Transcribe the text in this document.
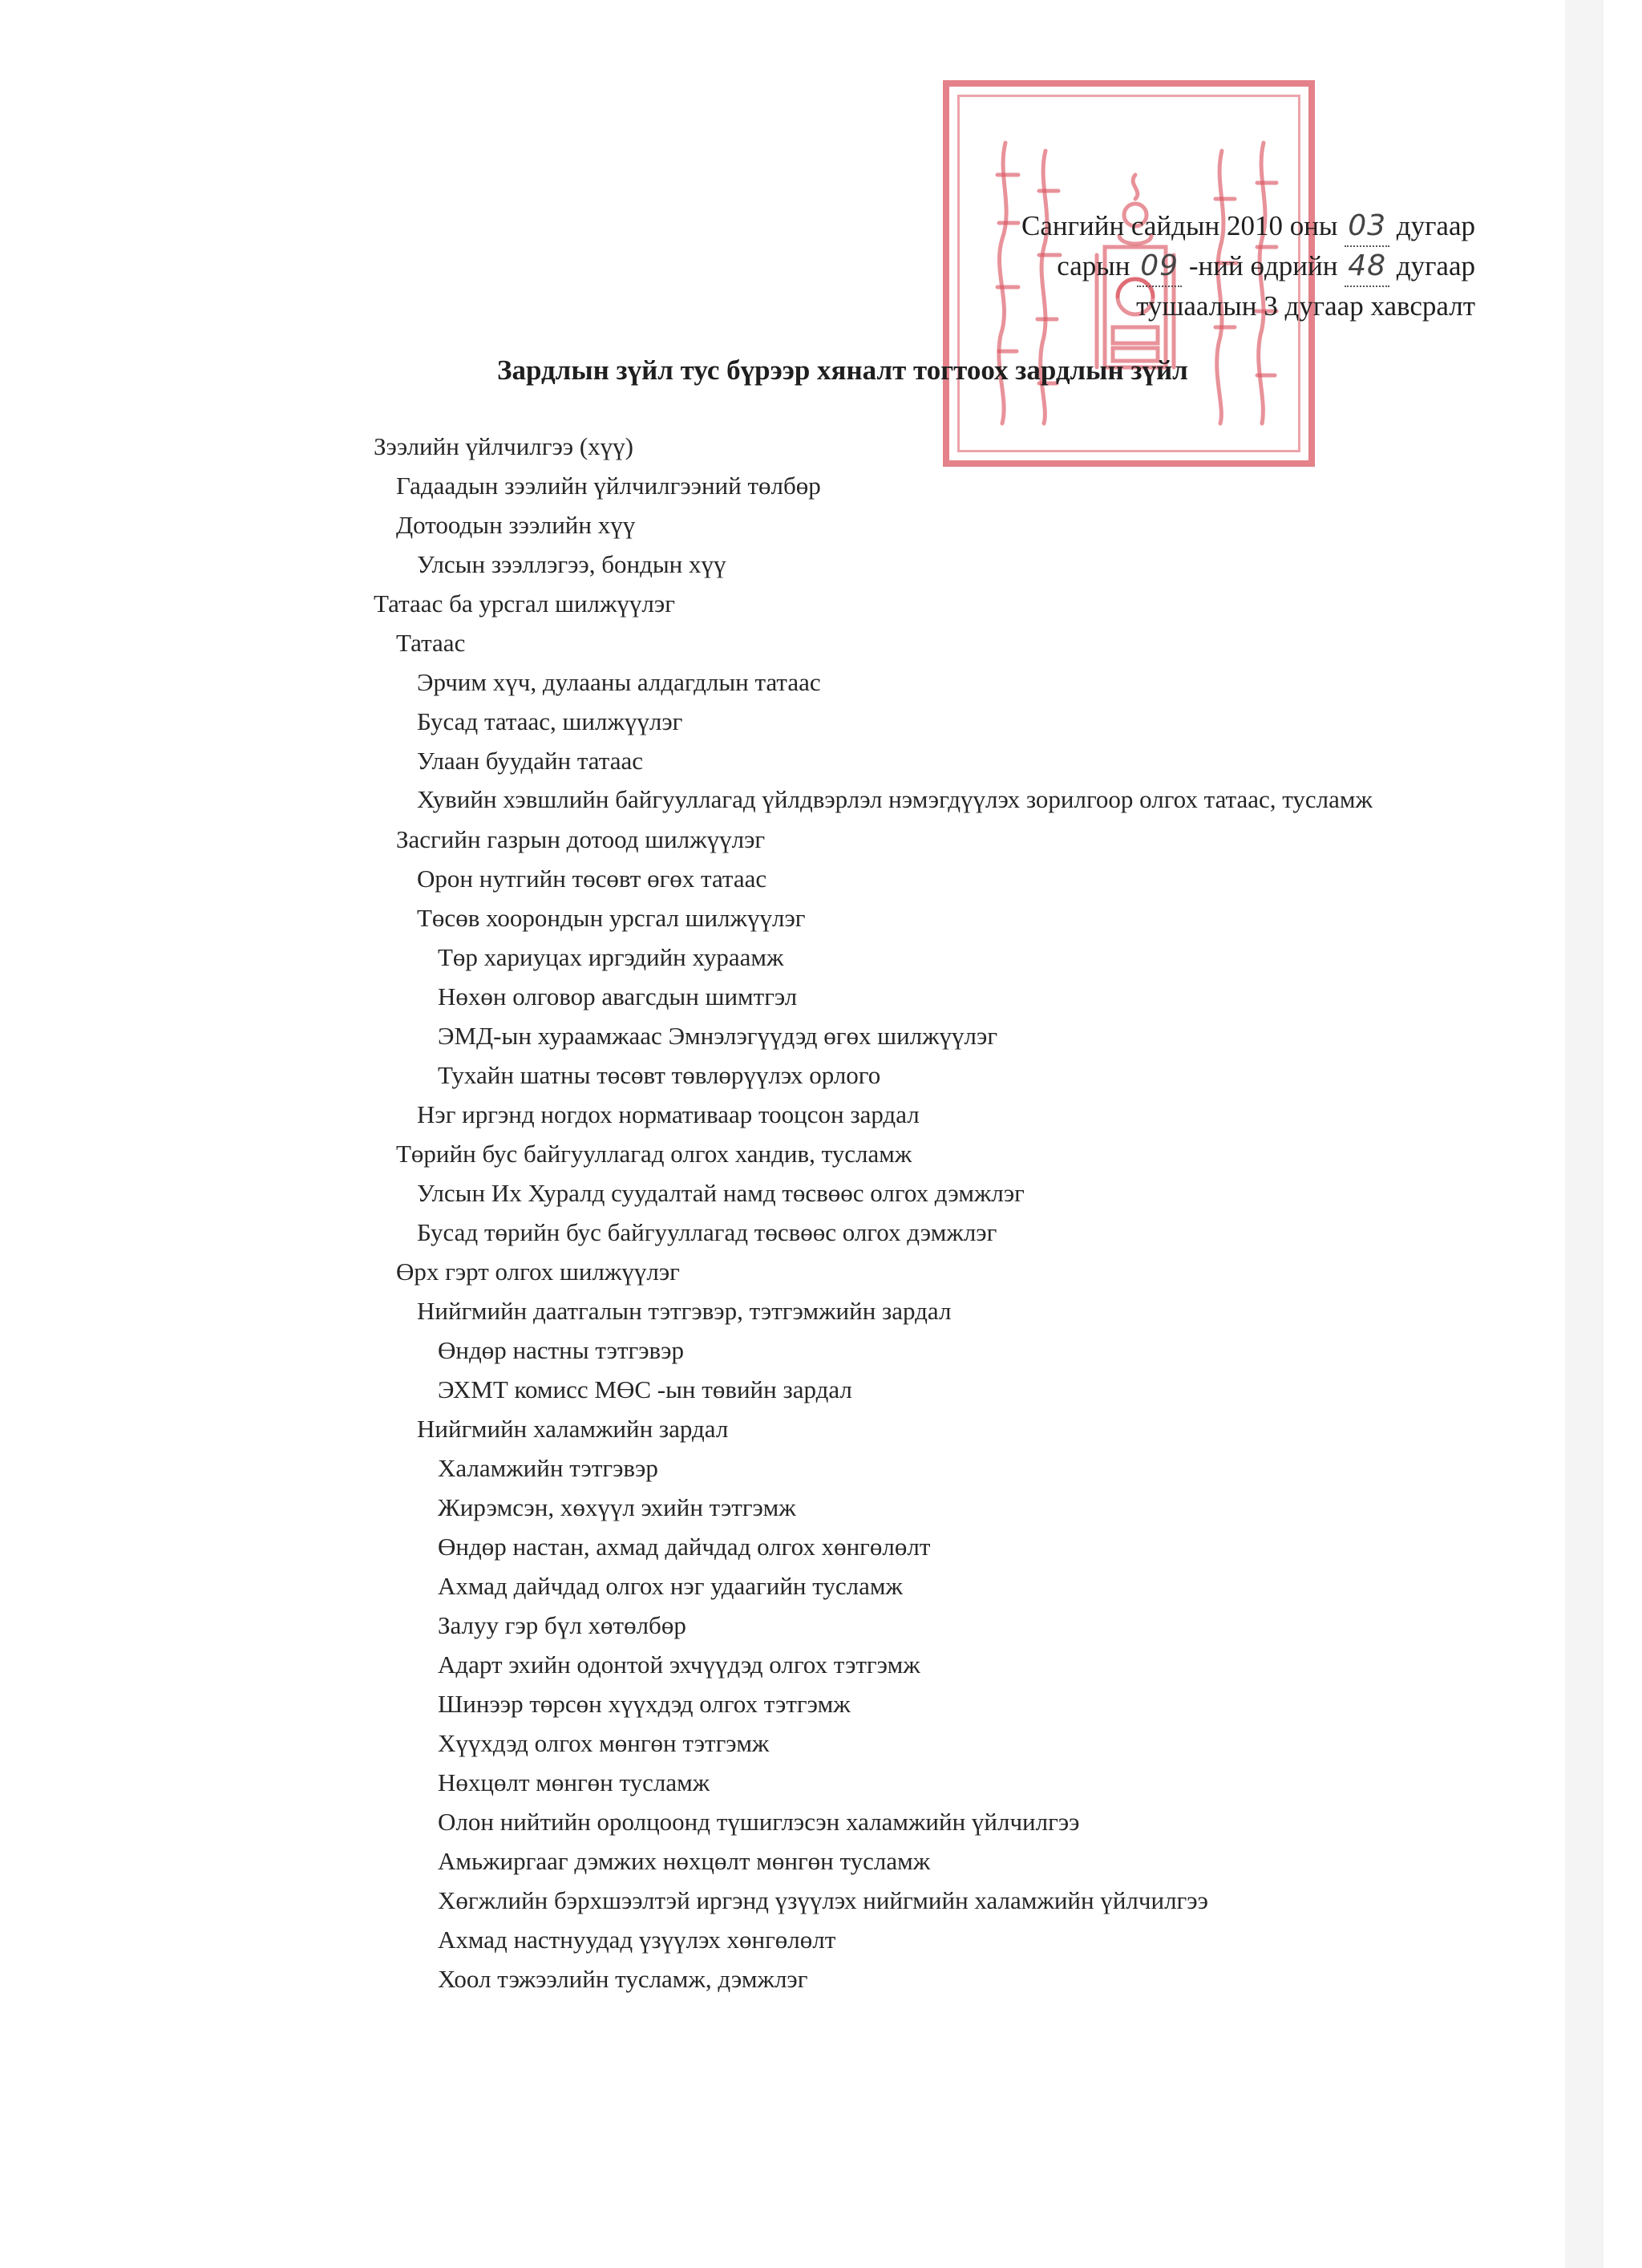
Сангийн сайдын 2010 оны 03 дугаар
сарын 09 -ний өдрийн 48 дугаар
тушаалын 3 дугаар хавсралт
Зардлын зүйл тус бүрээр хяналт тогтоох зардлын зүйл
Зээлийн үйлчилгээ (хүү)
Гадаадын зээлийн үйлчилгээний төлбөр
Дотоодын зээлийн хүү
Улсын зээллэгээ, бондын хүү
Татаас ба урсгал шилжүүлэг
Татаас
Эрчим хүч, дулааны алдагдлын татаас
Бусад татаас, шилжүүлэг
Улаан буудайн татаас
Хувийн хэвшлийн байгууллагад үйлдвэрлэл нэмэгдүүлэх зорилгоор олгох татаас, тусламж
Засгийн газрын дотоод шилжүүлэг
Орон нутгийн төсөвт өгөх татаас
Төсөв хоорондын урсгал шилжүүлэг
Төр хариуцах иргэдийн хураамж
Нөхөн олговор авагсдын шимтгэл
ЭМД-ын хураамжаас Эмнэлэгүүдэд өгөх шилжүүлэг
Тухайн шатны төсөвт төвлөрүүлэх орлого
Нэг иргэнд ногдох нормативаар тооцсон зардал
Төрийн бус байгууллагад олгох хандив, тусламж
Улсын Их Хуралд суудалтай намд төсвөөс олгох дэмжлэг
Бусад төрийн бус байгууллагад төсвөөс олгох дэмжлэг
Өрх гэрт олгох шилжүүлэг
Нийгмийн даатгалын тэтгэвэр, тэтгэмжийн зардал
Өндөр настны тэтгэвэр
ЭХМТ комисс МӨС -ын төвийн зардал
Нийгмийн халамжийн зардал
Халамжийн тэтгэвэр
Жирэмсэн, хөхүүл эхийн тэтгэмж
Өндөр настан, ахмад дайчдад олгох хөнгөлөлт
Ахмад дайчдад олгох нэг удаагийн тусламж
Залуу гэр бүл хөтөлбөр
Адарт эхийн одонтой эхчүүдэд олгох тэтгэмж
Шинээр төрсөн хүүхдэд олгох тэтгэмж
Хүүхдэд олгох мөнгөн тэтгэмж
Нөхцөлт мөнгөн тусламж
Олон нийтийн оролцоонд түшиглэсэн халамжийн үйлчилгээ
Амьжиргааг дэмжих нөхцөлт мөнгөн тусламж
Хөгжлийн бэрхшээлтэй иргэнд үзүүлэх нийгмийн халамжийн үйлчилгээ
Ахмад настнуудад үзүүлэх хөнгөлөлт
Хоол тэжээлийн тусламж, дэмжлэг
